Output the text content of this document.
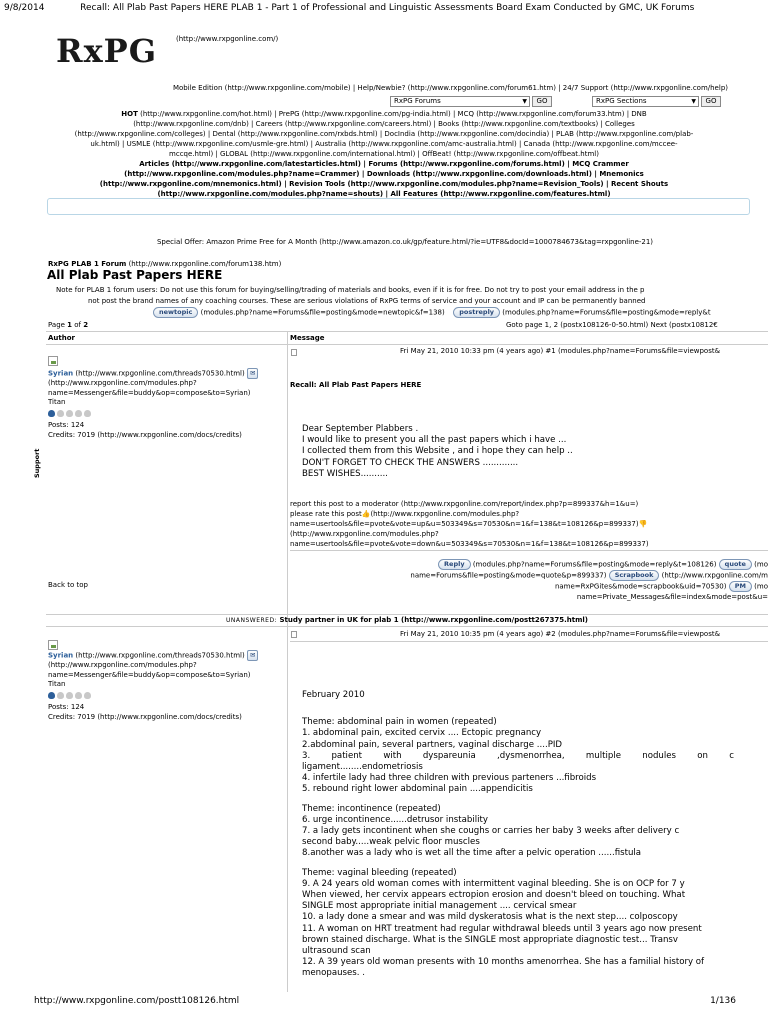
9/8/2014	Recall: All Plab Past Papers HERE PLAB 1 - Part 1 of Professional and Linguistic Assessments Board Exam Conducted by GMC, UK Forums
RxPG	(http://www.rxpgonline.com/)
Mobile Edition (http://www.rxpgonline.com/mobile) | Help/Newbie? (http://www.rxpgonline.com/forum61.htm) | 24/7 Support (http://www.rxpgonline.com/help)
RxPG Forums	▼	GO	RxPG Sections	▼	GO
HOT (http://www.rxpgonline.com/hot.html) | PrePG (http://www.rxpgonline.com/pg-india.html) | MCQ (http://www.rxpgonline.com/forum33.htm) | DNB
(http://www.rxpgonline.com/dnb) | Careers (http://www.rxpgonline.com/careers.html) | Books (http://www.rxpgonline.com/textbooks) | Colleges
(http://www.rxpgonline.com/colleges) | Dental (http://www.rxpgonline.com/rxbds.html) | DocIndia (http://www.rxpgonline.com/docindia) | PLAB (http://www.rxpgonline.com/plab-
uk.html) | USMLE (http://www.rxpgonline.com/usmle-gre.html) | Australia (http://www.rxpgonline.com/amc-australia.html) | Canada (http://www.rxpgonline.com/mccee-
mccqe.html) | GLOBAL (http://www.rxpgonline.com/international.html) | OffBeat! (http://www.rxpgonline.com/offbeat.html)
Articles (http://www.rxpgonline.com/latestarticles.html) | Forums (http://www.rxpgonline.com/forums.html) | MCQ Crammer
(http://www.rxpgonline.com/modules.php?name=Crammer) | Downloads (http://www.rxpgonline.com/downloads.html) | Mnemonics
(http://www.rxpgonline.com/mnemonics.html) | Revision Tools (http://www.rxpgonline.com/modules.php?name=Revision_Tools) | Recent Shouts
(http://www.rxpgonline.com/modules.php?name=shouts) | All Features (http://www.rxpgonline.com/features.html)
Special Offer: Amazon Prime Free for A Month (http://www.amazon.co.uk/gp/feature.html/?ie=UTF8&docId=1000784673&tag=rxpgonline-21)
RxPG PLAB 1 Forum (http://www.rxpgonline.com/forum138.htm)
All Plab Past Papers HERE
Note for PLAB 1 forum users: Do not use this forum for buying/selling/trading of materials and books, even if it is for free. Do not try to post your email address in the p
not post the brand names of any coaching courses. These are serious violations of RxPG terms of service and your account and IP can be permanently banned
newtopic (modules.php?name=Forums&file=posting&mode=newtopic&f=138) postreply (modules.php?name=Forums&file=posting&mode=reply&t
Page 1 of 2	Goto page 1, 2 (postx108126-0-50.html) Next (postx10812€
Author	Message
Syrian (http://www.rxpgonline.com/threads70530.html) ✉
(http://www.rxpgonline.com/modules.php?
name=Messenger&file=buddy&op=compose&to=Syrian)
Titan
Posts: 124
Credits: 7019 (http://www.rxpgonline.com/docs/credits)
Support
Fri May 21, 2010 10:33 pm (4 years ago) #1 (modules.php?name=Forums&file=viewpost&
Recall: All Plab Past Papers HERE

Dear September Plabbers .

I would like to present you all the past papers which i have ...

I collected them from this Website , and i hope they can help ..

DON'T FORGET TO CHECK THE ANSWERS .............

BEST WISHES..........

report this post to a moderator (http://www.rxpgonline.com/report/index.php?p=899337&h=1&u=)
please rate this post👍(http://www.rxpgonline.com/modules.php?
name=usertools&file=pvote&vote=up&u=503349&s=70530&n=1&f=138&t=108126&p=899337)👎
(http://www.rxpgonline.com/modules.php?
name=usertools&file=pvote&vote=down&u=503349&s=70530&n=1&f=138&t=108126&p=899337)
Reply (modules.php?name=Forums&file=posting&mode=reply&t=108126) quote (mo
name=Forums&file=posting&mode=quote&p=899337) Scrapbook (http://www.rxpgonline.com/m
name=RxPGites&mode=scrapbook&uid=70530) PM (mo
name=Private_Messages&file=index&mode=post&u=
Back to top
UNANSWERED: Study partner in UK for plab 1 (http://www.rxpgonline.com/postt267375.html)
Syrian (http://www.rxpgonline.com/threads70530.html) ✉
(http://www.rxpgonline.com/modules.php?
name=Messenger&file=buddy&op=compose&to=Syrian)
Titan
Posts: 124
Credits: 7019 (http://www.rxpgonline.com/docs/credits)
Fri May 21, 2010 10:35 pm (4 years ago) #2 (modules.php?name=Forums&file=viewpost&

February 2010

Theme: abdominal pain in women (repeated)

1. abdominal pain, excited cervix .... Ectopic pregnancy

2.abdominal pain, several partners, vaginal discharge ....PID

3. patient with dyspareunia ,dysmenorrhea, multiple nodules on c

ligament........endometriosis

4. infertile lady had three children with previous parteners ...fibroids

5. rebound right lower abdominal pain ....appendicitis

Theme: incontinence (repeated)

6. urge incontinence......detrusor instability

7. a lady gets incontinent when she coughs or carries her baby 3 weeks after delivery c

second baby.....weak pelvic floor muscles

8.another was a lady who is wet all the time after a pelvic operation ......fistula

Theme: vaginal bleeding (repeated)

9. A 24 years old woman comes with intermittent vaginal bleeding. She is on OCP for 7 y

When viewed, her cervix appears ectropion erosion and doesn't bleed on touching. What

SINGLE most appropriate initial management .... cervical smear

10. a lady done a smear and was mild dyskeratosis what is the next step.... colposcopy

11. A woman on HRT treatment had regular withdrawal bleeds until 3 years ago now present

brown stained discharge. What is the SINGLE most appropriate diagnostic test... Transv

ultrasound scan

12. A 39 years old woman presents with 10 months amenorrhea. She has a familial history of

menopauses. .

http://www.rxpgonline.com/postt108126.html	1/136
